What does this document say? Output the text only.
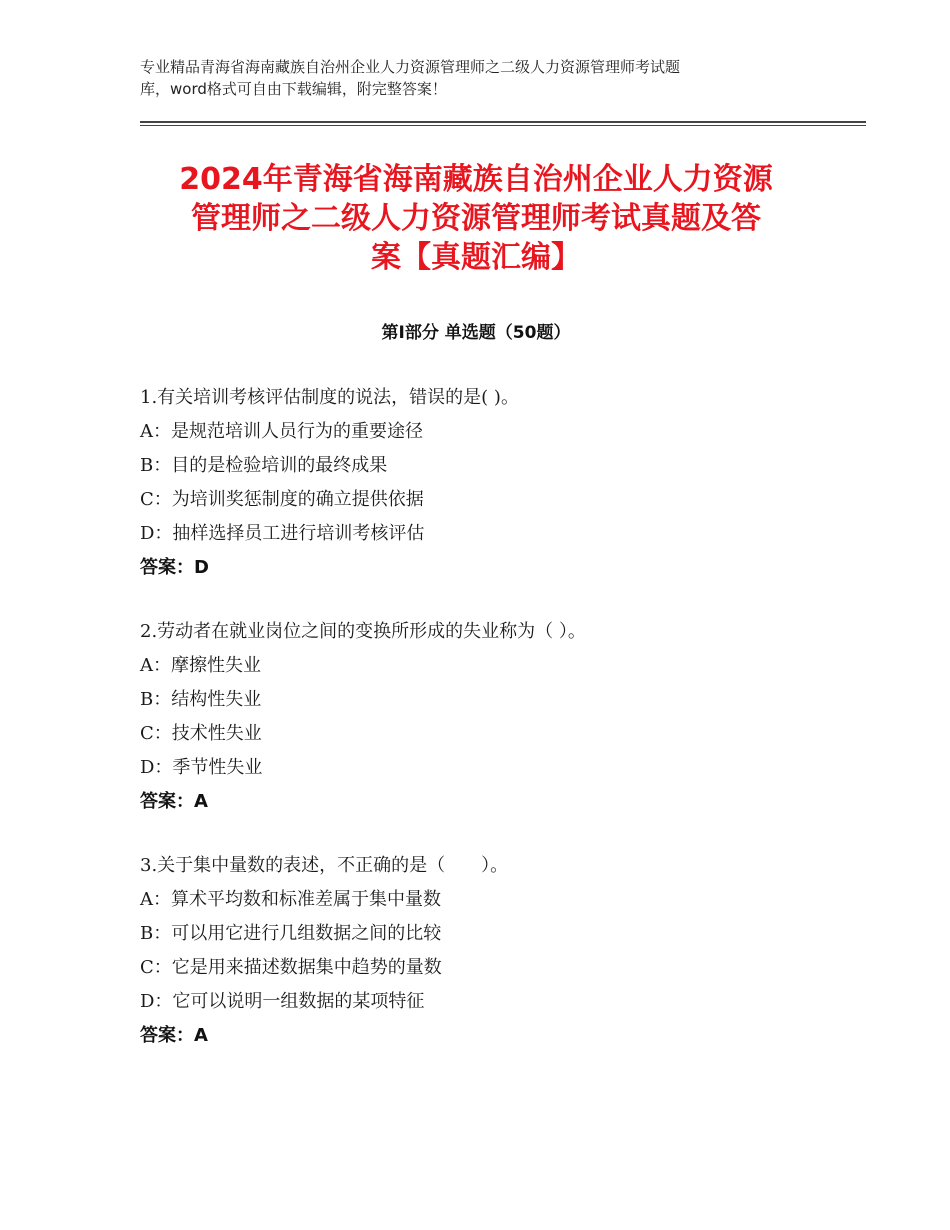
专业精品青海省海南藏族自治州企业人力资源管理师之二级人力资源管理师考试题
库，word格式可自由下载编辑，附完整答案！
2024年青海省海南藏族自治州企业人力资源
管理师之二级人力资源管理师考试真题及答
案【真题汇编】
第Ⅰ部分 单选题（50题）
1.有关培训考核评估制度的说法，错误的是( )。
A：是规范培训人员行为的重要途径
B：目的是检验培训的最终成果
C：为培训奖惩制度的确立提供依据
D：抽样选择员工进行培训考核评估
答案：D
2.劳动者在就业岗位之间的变换所形成的失业称为（ ）。
A：摩擦性失业
B：结构性失业
C：技术性失业
D：季节性失业
答案：A
3.关于集中量数的表述，不正确的是（　　）。
A：算术平均数和标准差属于集中量数
B：可以用它进行几组数据之间的比较
C：它是用来描述数据集中趋势的量数
D：它可以说明一组数据的某项特征
答案：A
